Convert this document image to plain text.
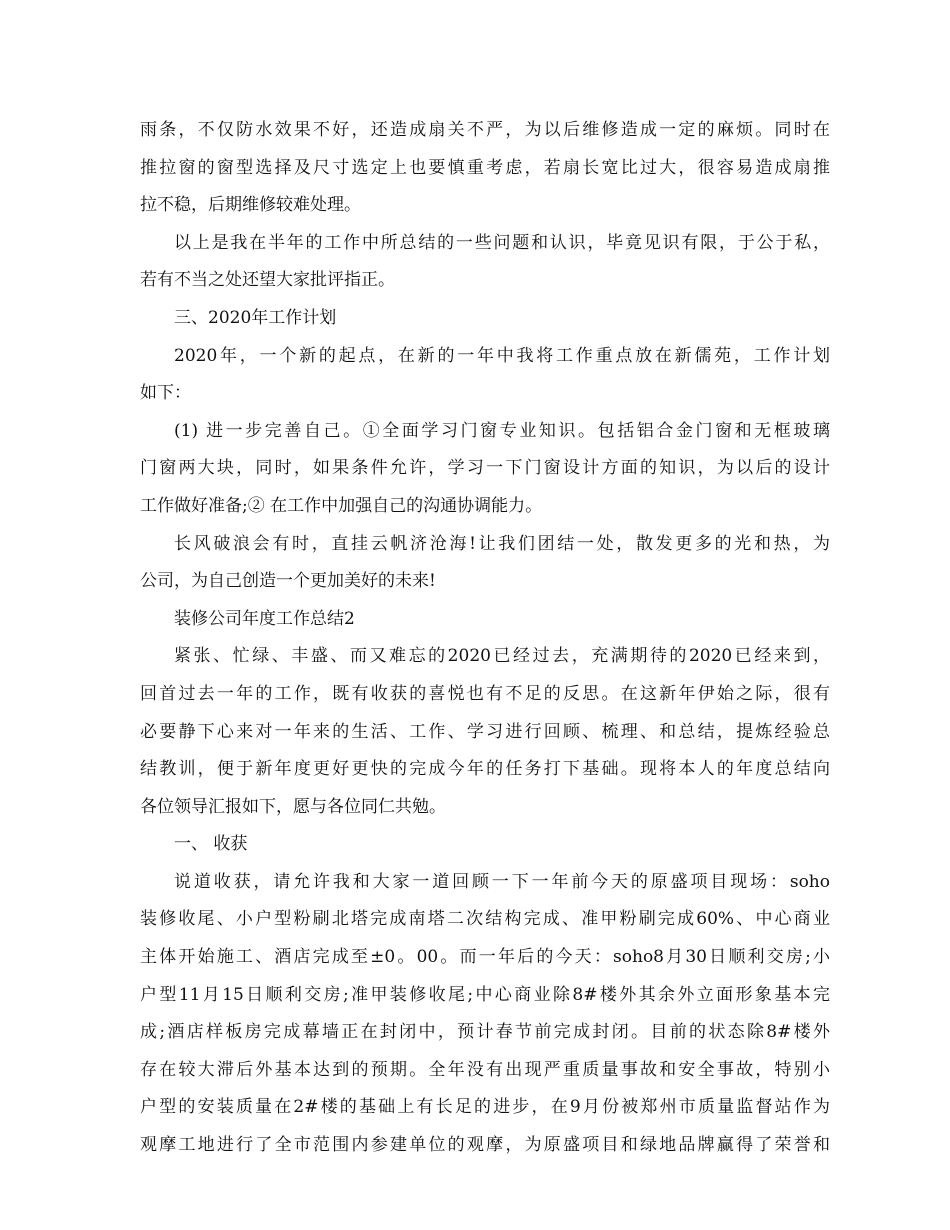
雨条，不仅防水效果不好，还造成扇关不严，为以后维修造成一定的麻烦。同时在
推拉窗的窗型选择及尺寸选定上也要慎重考虑，若扇长宽比过大，很容易造成扇推
拉不稳，后期维修较难处理。
以上是我在半年的工作中所总结的一些问题和认识，毕竟见识有限，于公于私，
若有不当之处还望大家批评指正。
三、2020年工作计划
2020年，一个新的起点，在新的一年中我将工作重点放在新儒苑，工作计划
如下：
(1) 进一步完善自己。①全面学习门窗专业知识。包括铝合金门窗和无框玻璃
门窗两大块，同时，如果条件允许，学习一下门窗设计方面的知识，为以后的设计
工作做好准备;② 在工作中加强自己的沟通协调能力。
长风破浪会有时，直挂云帆济沧海!让我们团结一处，散发更多的光和热，为
公司，为自己创造一个更加美好的未来!
装修公司年度工作总结2
紧张、忙绿、丰盛、而又难忘的2020已经过去，充满期待的2020已经来到，
回首过去一年的工作，既有收获的喜悦也有不足的反思。在这新年伊始之际，很有
必要静下心来对一年来的生活、工作、学习进行回顾、梳理、和总结，提炼经验总
结教训，便于新年度更好更快的完成今年的任务打下基础。现将本人的年度总结向
各位领导汇报如下，愿与各位同仁共勉。
一、 收获
说道收获，请允许我和大家一道回顾一下一年前今天的原盛项目现场：soho
装修收尾、小户型粉刷北塔完成南塔二次结构完成、准甲粉刷完成60%、中心商业
主体开始施工、酒店完成至±0。00。而一年后的今天：soho8月30日顺利交房;小
户型11月15日顺利交房;准甲装修收尾;中心商业除8#楼外其余外立面形象基本完
成;酒店样板房完成幕墙正在封闭中，预计春节前完成封闭。目前的状态除8#楼外
存在较大滞后外基本达到的预期。全年没有出现严重质量事故和安全事故，特别小
户型的安装质量在2#楼的基础上有长足的进步，在9月份被郑州市质量监督站作为
观摩工地进行了全市范围内参建单位的观摩，为原盛项目和绿地品牌赢得了荣誉和
